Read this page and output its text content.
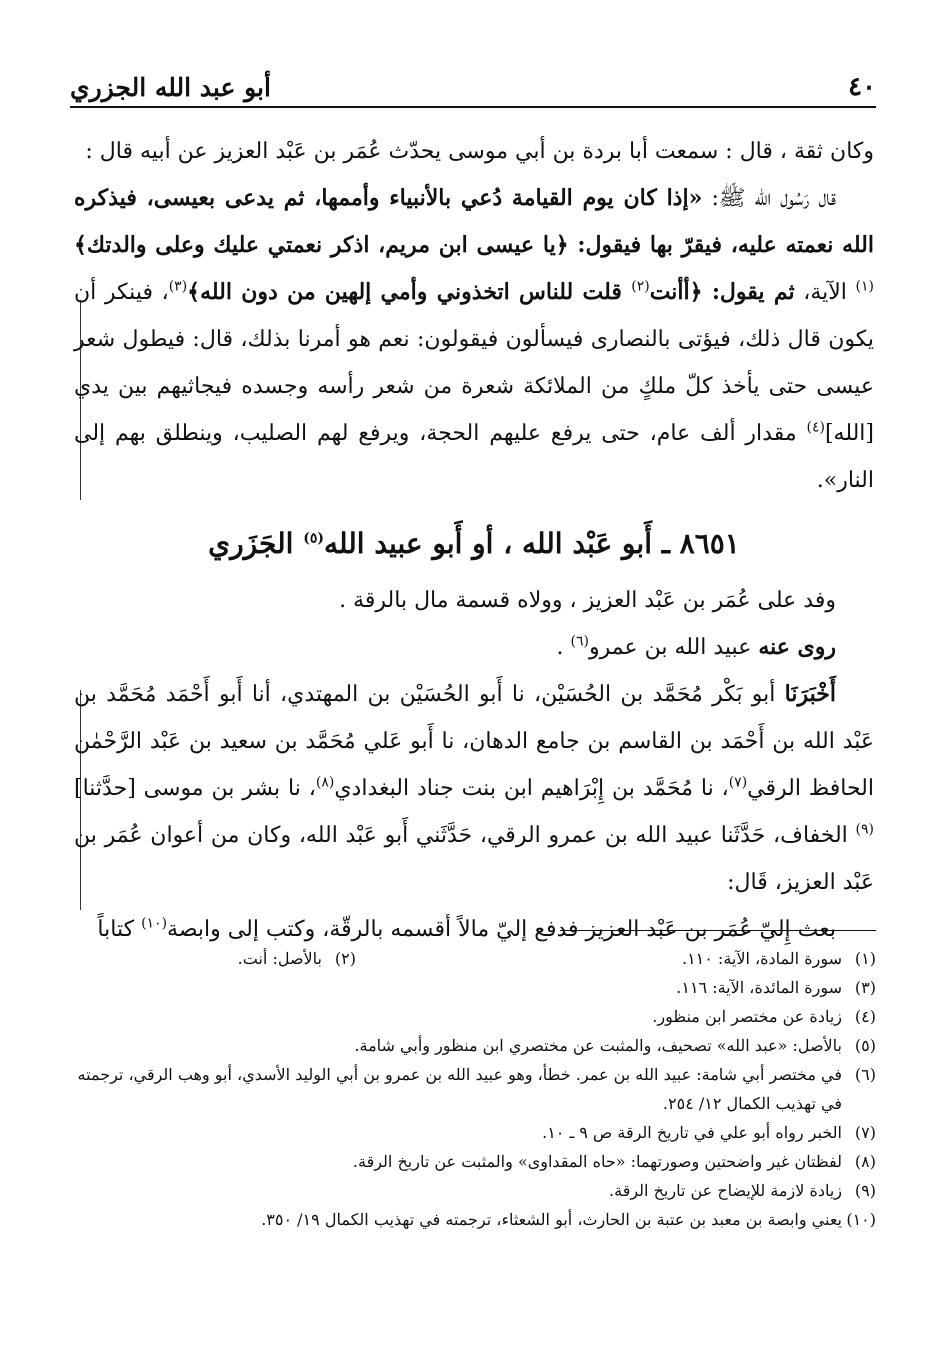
٤٠
أبو عبد الله الجزري

وكان ثقة ، قال : سمعت أبا بردة بن أبي موسى يحدّث عُمَر بن عَبْد العزيز عن أبيه قال :

قال رَسُول الله ﷺ: «إذا كان يوم القيامة دُعي بالأنبياء وأممها، ثم يدعى بعيسى، فيذكره الله نعمته عليه، فيقرّ بها فيقول: ﴿يا عيسى ابن مريم، اذكر نعمتي عليك وعلى والدتك﴾$^{(١)}$ الآية، ثم يقول: ﴿أأنت$^{(٢)}$ قلت للناس اتخذوني وأمي إلهين من دون الله﴾$^{(٣)}$، فينكر أن يكون قال ذلك، فيؤتى بالنصارى فيسألون فيقولون: نعم هو أمرنا بذلك، قال: فيطول شعر عيسى حتى يأخذ كلّ ملكٍ من الملائكة شعرة من شعر رأسه وجسده فيجاثيهم بين يدي [الله]$^{(٤)}$ مقدار ألف عام، حتى يرفع عليهم الحجة، ويرفع لهم الصليب، وينطلق بهم إلى النار».

٨٦٥١ ـ أَبو عَبْد الله ، أو أَبو عبيد الله$^{(٥)}$ الجَزَري

وفد على عُمَر بن عَبْد العزيز ، وولاه قسمة مال بالرقة .

روى عنه عبيد الله بن عمرو$^{(٦)}$ .

أَخْبَرَنَا أبو بَكْر مُحَمَّد بن الحُسَيْن، نا أَبو الحُسَيْن بن المهتدي، أنا أَبو أَحْمَد مُحَمَّد بن عَبْد الله بن أَحْمَد بن القاسم بن جامع الدهان، نا أَبو عَلي مُحَمَّد بن سعيد بن عَبْد الرَّحْمٰن الحافظ الرقي$^{(٧)}$، نا مُحَمَّد بن إِبْرَاهيم ابن بنت جناد البغدادي$^{(٨)}$، نا بشر بن موسى [حدَّثنا]$^{(٩)}$ الخفاف، حَدَّثَنا عبيد الله بن عمرو الرقي، حَدَّثَني أَبو عَبْد الله، وكان من أعوان عُمَر بن عَبْد العزيز، قَال:

بعث إِليّ عُمَر بن عَبْد العزيز فدفع إليّ مالاً أقسمه بالرقّة، وكتب إلى وابصة$^{(١٠)}$ كتاباً

(١)
سورة المادة، الآية: ١١٠.
(٢)
بالأصل: أنت.
(٣)
سورة المائدة، الآية: ١١٦.
(٤)
زيادة عن مختصر ابن منظور.
(٥)
بالأصل: «عبد الله» تصحيف، والمثبت عن مختصري ابن منظور وأبي شامة.
(٦)
في مختصر أبي شامة: عبيد الله بن عمر. خطأ، وهو عبيد الله بن عمرو بن أبي الوليد الأسدي، أبو وهب الرقي، ترجمته في تهذيب الكمال ١٢/ ٢٥٤.
(٧)
الخبر رواه أبو علي في تاريخ الرقة ص ٩ ـ ١٠.
(٨)
لفظتان غير واضحتين وصورتهما: «حاه المقداوى» والمثبت عن تاريخ الرقة.
(٩)
زيادة لازمة للإيضاح عن تاريخ الرقة.
(١٠)
يعني وابصة بن معبد بن عتبة بن الحارث، أبو الشعثاء، ترجمته في تهذيب الكمال ١٩/ ٣٥٠.
